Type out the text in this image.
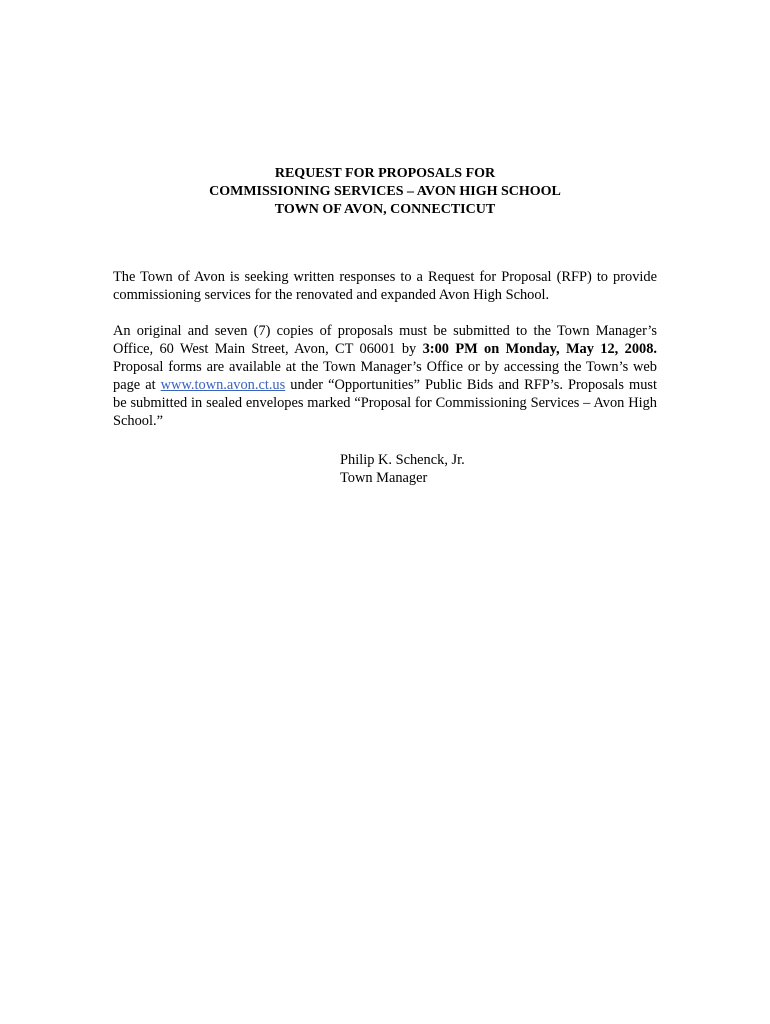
REQUEST FOR PROPOSALS FOR
COMMISSIONING SERVICES – AVON HIGH SCHOOL
TOWN OF AVON, CONNECTICUT

The Town of Avon is seeking written responses to a Request for Proposal (RFP) to provide commissioning services for the renovated and expanded Avon High School.

An original and seven (7) copies of proposals must be submitted to the Town Manager’s Office, 60 West Main Street, Avon, CT 06001 by 3:00 PM on Monday, May 12, 2008. Proposal forms are available at the Town Manager’s Office or by accessing the Town’s web page at www.town.avon.ct.us under “Opportunities” Public Bids and RFP’s. Proposals must be submitted in sealed envelopes marked “Proposal for Commissioning Services – Avon High School.”

Philip K. Schenck, Jr.
Town Manager
